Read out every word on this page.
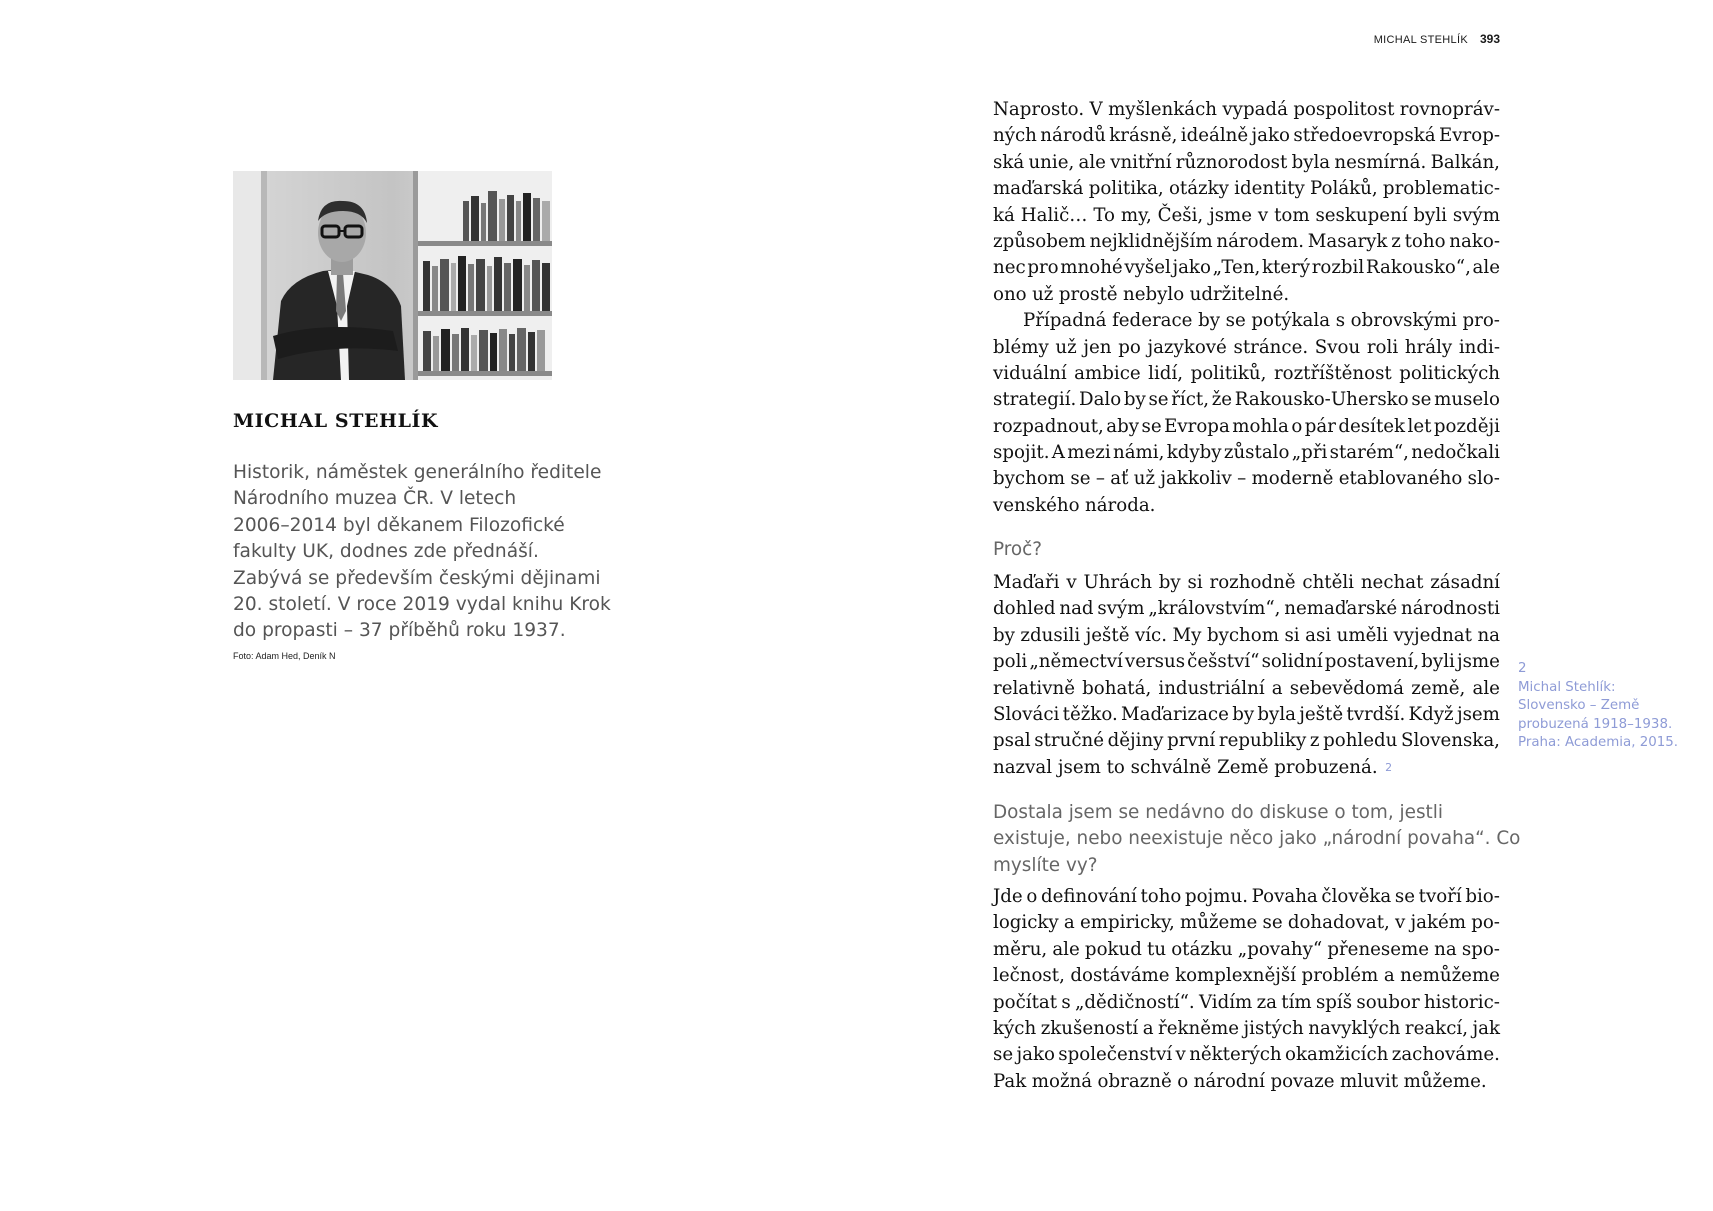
MICHAL STEHLÍK 393
MICHAL STEHLÍK
Historik, náměstek generálního ředitele
Národního muzea ČR. V letech
2006–2014 byl děkanem Filozofické
fakulty UK, dodnes zde přednáší.
Zabývá se především českými dějinami
20. století. V roce 2019 vydal knihu Krok
do propasti – 37 příběhů roku 1937.
Foto: Adam Hed, Deník N
Naprosto. V myšlenkách vypadá pospolitost rovnopráv-
ných národů krásně, ideálně jako středoevropská Evrop-
ská unie, ale vnitřní různorodost byla nesmírná. Balkán,
maďarská politika, otázky identity Poláků, problematic-
ká Halič… To my, Češi, jsme v tom seskupení byli svým
způsobem nejklidnějším národem. Masaryk z toho nako-
nec pro mnohé vyšel jako „Ten, který rozbil Rakousko“, ale
ono už prostě nebylo udržitelné.
Případná federace by se potýkala s obrovskými pro-
blémy už jen po jazykové stránce. Svou roli hrály indi-
viduální ambice lidí, politiků, roztříštěnost politických
strategií. Dalo by se říct, že Rakousko-Uhersko se muselo
rozpadnout, aby se Evropa mohla o pár desítek let později
spojit. A mezi námi, kdyby zůstalo „při starém“, nedočkali
bychom se – ať už jakkoliv – moderně etablovaného slo-
venského národa.
Proč?
Maďaři v Uhrách by si rozhodně chtěli nechat zásadní
dohled nad svým „královstvím“, nemaďarské národnosti
by zdusili ještě víc. My bychom si asi uměli vyjednat na
poli „němectví versus češství“ solidní postavení, byli jsme
relativně bohatá, industriální a sebevědomá země, ale
Slováci těžko. Maďarizace by byla ještě tvrdší. Když jsem
psal stručné dějiny první republiky z pohledu Slovenska,
nazval jsem to schválně Země probuzená. 2
Dostala jsem se nedávno do diskuse o tom, jestli
existuje, nebo neexistuje něco jako „národní povaha“. Co
myslíte vy?
Jde o definování toho pojmu. Povaha člověka se tvoří bio-
logicky a empiricky, můžeme se dohadovat, v jakém po-
měru, ale pokud tu otázku „povahy“ přeneseme na spo-
lečnost, dostáváme komplexnější problém a nemůžeme
počítat s „dědičností“. Vidím za tím spíš soubor historic-
kých zkušeností a řekněme jistých navyklých reakcí, jak
se jako společenství v některých okamžicích zachováme.
Pak možná obrazně o národní povaze mluvit můžeme.
2
Michal Stehlík:
Slovensko – Země
probuzená 1918–1938.
Praha: Academia, 2015.
